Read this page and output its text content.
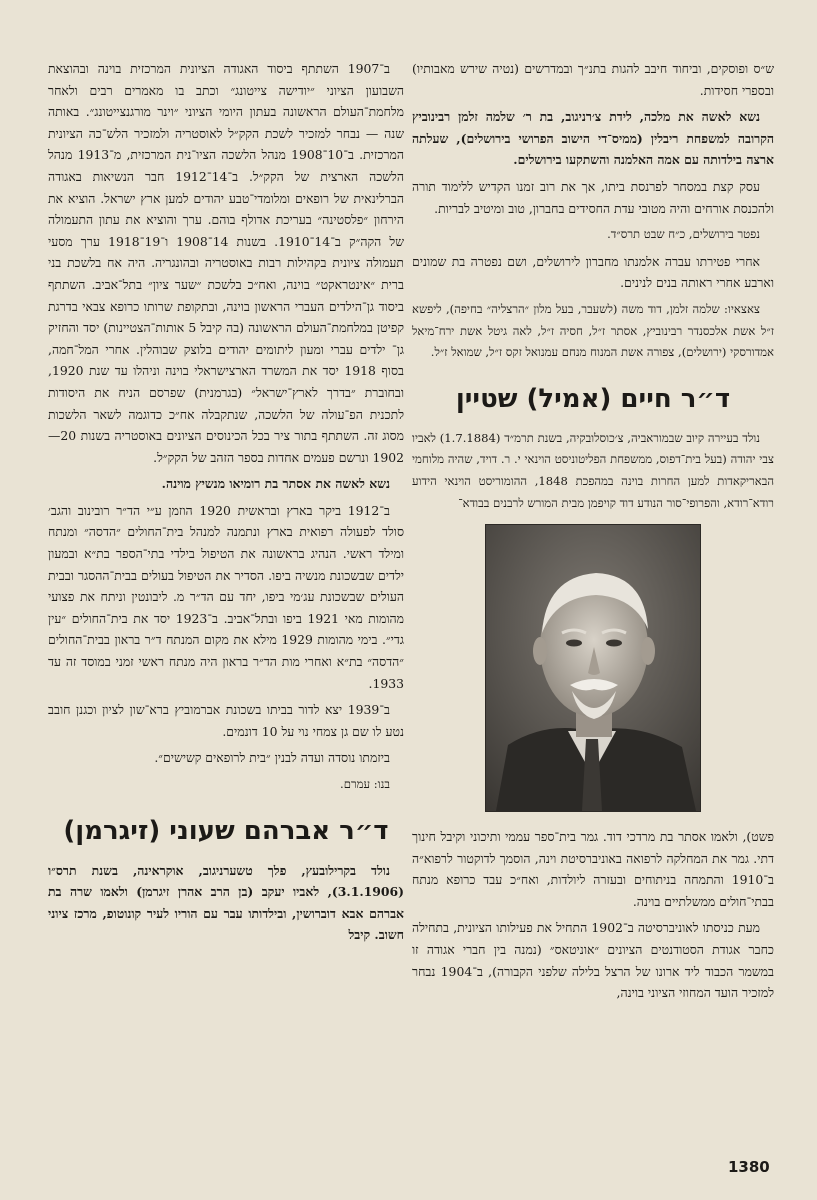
ש״ס ופוסקים, וביחוד חיבב להגות בתנ״ך ובמדרשים (נטיה שירש מאבותיו) ובספרי חסידות.

נשא לאשה את מלכה, לידת צ׳רניגוב, בת ר׳ שלמה זלמן רבינוביץ הקרובה למשפחת ריבלין (ממיס־די הישוב הפרושי בירושלים), שעלתה ארצה בילדותה עם אמה האלמנה והשתקעו בירושלים.

עסק קצת במסחר לפרנסת ביתו, אך את רוב זמנו הקדיש ללימוד תורה ולהכנסת אורחים והיה מטובי עדת החסידים בחברון, טוב ומיטיב לבריות.

נפטר בירושלים, כ״ח שבט תרס״ד.

אחרי פטירתו עברה אלמנתו מחברון לירושלים, ושם נפטרה בת שמונים וארבע אחרי ראותה בנים לנינים.

צאצאיו: שלמה זלמן, דוד משה (לשעבר, בעל מלון ״הרצליה״ בחיפה), ליפשא ז״ל אשת אלכסנדר רבינוביץ, אסתר ז״ל, חסיה ז״ל, לאה גיטל אשת ירח־מיאל אמדורסקי (ירושלים), צפורה אשת המנוח מנחם עמנואל זקס ז״ל, שמואל ז״ל.

ד״ר חיים (אמיל) שטיין

נולד בעיירה קיוב שבמוראביה, צ׳כוסלובקיה, בשנת תרמ״ד (1.7.1884) לאביו צבי יהודה (בעל בית־דפוס, ממשפחת הפליטוניסט הוינאי י. ר. דויד, שהיה מלוחמי הבאריקאדות למען החרות בוינה במהפכת 1848, ההומוריסט הוינאי הידוע רודא־רודא, והפרופי־סור הנודע דוד קויפמן מבית המורש לרבנים בבודא־

פשט), ולאמו אסתר בת מרדכי דוד. גמר בית־ספר עממי ותיכוני וקיבל חינוך דתי. גמר את המחלקה לרפואה באוניברסיטת וינה, הוסמך לדוקטור לרפוא״ה ב־1910 והתמחה בניתוחים ובעזרה ליולדות, ואח״כ עבד כרופא מנתח בבתי־חולים ממשלתיים בוינה.

מעת כניסתו לאוניברסיטה ב־1902 התחיל את פעילותו הציונית, בתחילה כחבר אגודת הסטודנטים הציונים ״אוניטאס״ (נמנה בין חברי אגודה זו במשמר הכבוד ליד ארונו של הרצל בלילה שלפני הקבורה), ב־1904 נבחר למזכיר הועד המחוזי הציוני בוינה,

ב־1907 השתתף ביסוד האגודה הציונית המרכזית בוינה ובהוצאת השבועון הציוני ״יודישה צייטונג״ וכתב בו מאמרים רבים ולאחר מלחמת־העולם הראשונה בעתון היומי הציוני ״וינר מורגנצייטונג״. באותה שנה — נבחר למזכיר לשכת הקק״ל לאוסטריה ולמזכיר הלש־כה הציונית המרכזית. ב־10־1908 מנהל הלשכה הציו־נית המרכזית, מ־1913 מנהל הלשכה הארצית של הקק״ל. ב־14־1912 חבר הנשיאות באגודה הברלינאית של רופאים ומלומדי־טבע יהודים למען ארץ ישראל. הוציא את הירחון ״פלסטינה״ בעריכת אדולף בוהם. ערך והוציא את עתון התעמולה של הקה״ק ב־14־1910. בשנות 14־1908 ו־19־1918 ערך מסעי תעמולה ציונית בקהילות רבות באוסטריה ובהונגריה. היה אח בלשכת בני ברית ״אינטראקט״ בוינה, ואח״כ בלשכת ״שער ציון״ בתל־אביב. השתתף ביסוד גן־הילדים העברי הראשון בוינה, ובתקופת שרותו כרופא צבאי בדרגת קפיטן במלחמת־העולם הראשונה (בה קיבל 5 אותות־הצטיינות) יסד והחזיק גן־ ילדים עברי ומעון ליתומים יהודים בלוצק שבוהלין. אחרי המל־חמה, בסוף 1918 יסד את המשרד הארצישראלי בוינה וניהלו עד שנת 1920, ובחוברת ״בדרך לארץ־ישראל״ (בגרמנית) שפרסם הניח את היסודות לתכנית הפ־עולה של הלשכה, שנתקבלה אח״כ כדוגמה לשאר הלשכות מסוג זה. השתתף בתור ציר בכל הכינוסים הציונים באוסטריה בשנות 20—1902 ונרשם פעמים אחדות בספר הזהב של הקק״ל.

נשא לאשה את אסתר בת רומיאו מנשיץ מוינה.

ב־1912 ביקר בארץ ובראשית 1920 הוזמן ע״י הד״ר רובינוב והגב׳ סולד לפעולה רפואית בארץ ונתמנה למנהל בית־החולים ״הדסה״ ומנתח ומילד ראשי. הנהיג בראשונה את הטיפול בילדי בתי־הספר בת״א ובמעון ילדים שבשכונת מנשיה ביפו. הסדיר את הטיפול בעולים בבית־ההסגר ובבית העולים שבשכונת עג׳מי ביפו, יחד עם הד״ר מ. ליבונטין וניתח את פצועי מהומות מאי 1921 ביפו ובתל־אביב. ב־1923 יסד את בית־החולים ״עין גדי״. בימי מהומות 1929 מילא את מקום המנתח ד״ר בראון בבית־החולים ״הדסה״ בת״א ואחרי מות הד״ר בראון היה מנתח ראשי זמני במוסד זה עד 1933.

ב־1939 יצא לדור בביתו בשכונת אברמוביץ ברא־שון לציון וכגנן חובב נטע לו שם גן צמחי נוי על 10 דונמים.

ביזמתו נוסדה ועדה לבנין ״בית לרופאים קשישים״.

בנו: עמרם.

ד״ר אברהם שעוני (זיגרמן)

נולד בקרילובעץ, פלך טשערניגוב, אוקראינה, בשנת תרס״ו (3.1.1906), לאביו יעקב (בן הרב אהרן זיגרמן) ולאמו שרה בת אברהם אבא דוברושין, ובילדותו עבר עם הוריו לעיר קונוטופ, מרכז ציוני חשוב. קיבל

1380
